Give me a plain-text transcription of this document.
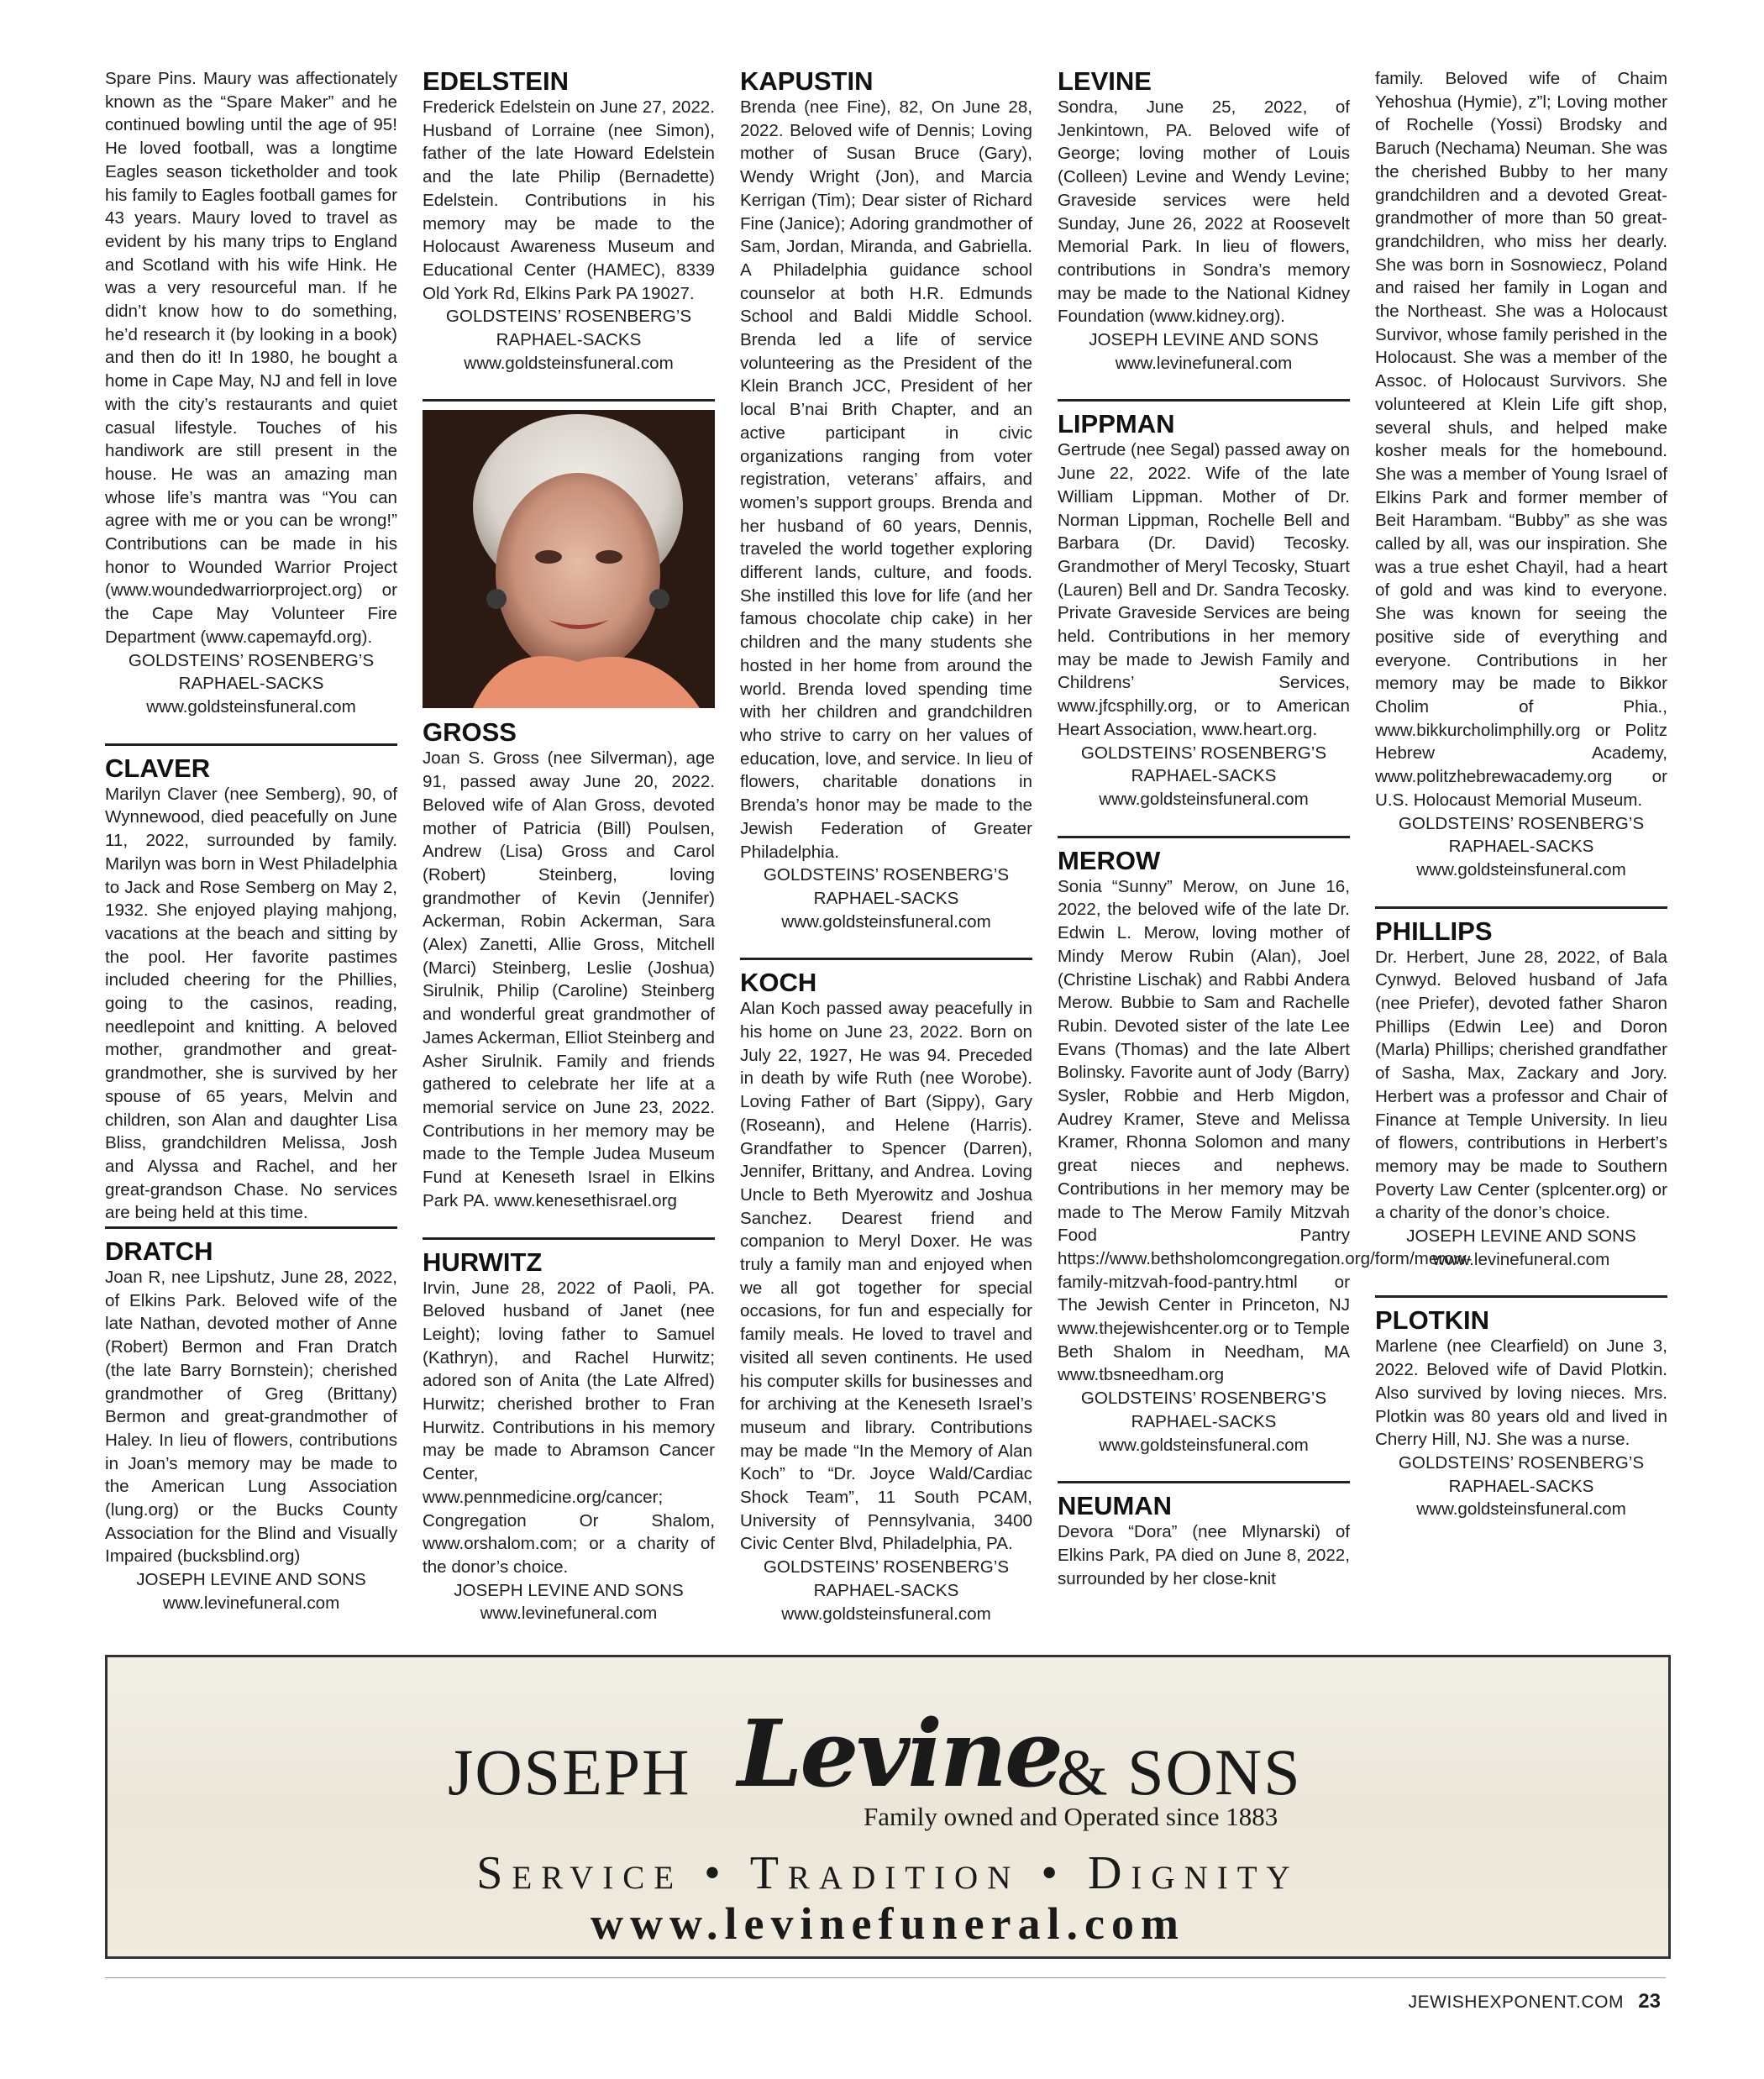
Spare Pins. Maury was affectionately known as the “Spare Maker” and he continued bowling until the age of 95! He loved football, was a longtime Eagles season ticketholder and took his family to Eagles football games for 43 years. Maury loved to travel as evident by his many trips to England and Scotland with his wife Hink. He was a very resourceful man. If he didn’t know how to do something, he’d research it (by looking in a book) and then do it! In 1980, he bought a home in Cape May, NJ and fell in love with the city’s restaurants and quiet casual lifestyle. Touches of his handiwork are still present in the house. He was an amazing man whose life’s mantra was “You can agree with me or you can be wrong!” Contributions can be made in his honor to Wounded Warrior Project (www.woundedwarriorproject.org) or the Cape May Volunteer Fire Department (www.capemayfd.org).

GOLDSTEINS’ ROSENBERG’S
RAPHAEL-SACKS
www.goldsteinsfuneral.com

CLAVER

Marilyn Claver (nee Semberg), 90, of Wynnewood, died peacefully on June 11, 2022, surrounded by family. Marilyn was born in West Philadelphia to Jack and Rose Semberg on May 2, 1932. She enjoyed playing mahjong, vacations at the beach and sitting by the pool. Her favorite pastimes included cheering for the Phillies, going to the casinos, reading, needlepoint and knitting. A beloved mother, grandmother and great-grandmother, she is survived by her spouse of 65 years, Melvin and children, son Alan and daughter Lisa Bliss, grandchildren Melissa, Josh and Alyssa and Rachel, and her great-grandson Chase. No services are being held at this time.

DRATCH

Joan R, nee Lipshutz, June 28, 2022, of Elkins Park. Beloved wife of the late Nathan, devoted mother of Anne (Robert) Bermon and Fran Dratch (the late Barry Bornstein); cherished grandmother of Greg (Brittany) Bermon and great-grandmother of Haley. In lieu of flowers, contributions in Joan’s memory may be made to the American Lung Association (lung.org) or the Bucks County Association for the Blind and Visually Impaired (bucksblind.org)

JOSEPH LEVINE AND SONS
www.levinefuneral.com

EDELSTEIN

Frederick Edelstein on June 27, 2022. Husband of Lorraine (nee Simon), father of the late Howard Edelstein and the late Philip (Bernadette) Edelstein. Contributions in his memory may be made to the Holocaust Awareness Museum and Educational Center (HAMEC), 8339 Old York Rd, Elkins Park PA 19027.

GOLDSTEINS’ ROSENBERG’S
RAPHAEL-SACKS
www.goldsteinsfuneral.com

GROSS

Joan S. Gross (nee Silverman), age 91, passed away June 20, 2022. Beloved wife of Alan Gross, devoted mother of Patricia (Bill) Poulsen, Andrew (Lisa) Gross and Carol (Robert) Steinberg, loving grandmother of Kevin (Jennifer) Ackerman, Robin Ackerman, Sara (Alex) Zanetti, Allie Gross, Mitchell (Marci) Steinberg, Leslie (Joshua) Sirulnik, Philip (Caroline) Steinberg and wonderful great grandmother of James Ackerman, Elliot Steinberg and Asher Sirulnik. Family and friends gathered to celebrate her life at a memorial service on June 23, 2022. Contributions in her memory may be made to the Temple Judea Museum Fund at Keneseth Israel in Elkins Park PA. www.kenesethisrael.org

HURWITZ

Irvin, June 28, 2022 of Paoli, PA. Beloved husband of Janet (nee Leight); loving father to Samuel (Kathryn), and Rachel Hurwitz; adored son of Anita (the Late Alfred) Hurwitz; cherished brother to Fran Hurwitz. Contributions in his memory may be made to Abramson Cancer Center, www.pennmedicine.org/cancer; Congregation Or Shalom, www.orshalom.com; or a charity of the donor’s choice.

JOSEPH LEVINE AND SONS
www.levinefuneral.com

KAPUSTIN

Brenda (nee Fine), 82, On June 28, 2022. Beloved wife of Dennis; Loving mother of Susan Bruce (Gary), Wendy Wright (Jon), and Marcia Kerrigan (Tim); Dear sister of Richard Fine (Janice); Adoring grandmother of Sam, Jordan, Miranda, and Gabriella. A Philadelphia guidance school counselor at both H.R. Edmunds School and Baldi Middle School. Brenda led a life of service volunteering as the President of the Klein Branch JCC, President of her local B’nai Brith Chapter, and an active participant in civic organizations ranging from voter registration, veterans’ affairs, and women’s support groups. Brenda and her husband of 60 years, Dennis, traveled the world together exploring different lands, culture, and foods. She instilled this love for life (and her famous chocolate chip cake) in her children and the many students she hosted in her home from around the world. Brenda loved spending time with her children and grandchildren who strive to carry on her values of education, love, and service. In lieu of flowers, charitable donations in Brenda’s honor may be made to the Jewish Federation of Greater Philadelphia.

GOLDSTEINS’ ROSENBERG’S
RAPHAEL-SACKS
www.goldsteinsfuneral.com

KOCH

Alan Koch passed away peacefully in his home on June 23, 2022. Born on July 22, 1927, He was 94. Preceded in death by wife Ruth (nee Worobe). Loving Father of Bart (Sippy), Gary (Roseann), and Helene (Harris). Grandfather to Spencer (Darren), Jennifer, Brittany, and Andrea. Loving Uncle to Beth Myerowitz and Joshua Sanchez. Dearest friend and companion to Meryl Doxer. He was truly a family man and enjoyed when we all got together for special occasions, for fun and especially for family meals. He loved to travel and visited all seven continents. He used his computer skills for businesses and for archiving at the Keneseth Israel’s museum and library. Contributions may be made “In the Memory of Alan Koch” to “Dr. Joyce Wald/Cardiac Shock Team”, 11 South PCAM, University of Pennsylvania, 3400 Civic Center Blvd, Philadelphia, PA.

GOLDSTEINS’ ROSENBERG’S
RAPHAEL-SACKS
www.goldsteinsfuneral.com

LEVINE

Sondra, June 25, 2022, of Jenkintown, PA. Beloved wife of George; loving mother of Louis (Colleen) Levine and Wendy Levine; Graveside services were held Sunday, June 26, 2022 at Roosevelt Memorial Park. In lieu of flowers, contributions in Sondra’s memory may be made to the National Kidney Foundation (www.kidney.org).

JOSEPH LEVINE AND SONS
www.levinefuneral.com

LIPPMAN

Gertrude (nee Segal) passed away on June 22, 2022. Wife of the late William Lippman. Mother of Dr. Norman Lippman, Rochelle Bell and Barbara (Dr. David) Tecosky. Grandmother of Meryl Tecosky, Stuart (Lauren) Bell and Dr. Sandra Tecosky. Private Graveside Services are being held. Contributions in her memory may be made to Jewish Family and Childrens’ Services, www.jfcsphilly.org, or to American Heart Association, www.heart.org.

GOLDSTEINS’ ROSENBERG’S
RAPHAEL-SACKS
www.goldsteinsfuneral.com

MEROW

Sonia “Sunny” Merow, on June 16, 2022, the beloved wife of the late Dr. Edwin L. Merow, loving mother of Mindy Merow Rubin (Alan), Joel (Christine Lischak) and Rabbi Andera Merow. Bubbie to Sam and Rachelle Rubin. Devoted sister of the late Lee Evans (Thomas) and the late Albert Bolinsky. Favorite aunt of Jody (Barry) Sysler, Robbie and Herb Migdon, Audrey Kramer, Steve and Melissa Kramer, Rhonna Solomon and many great nieces and nephews. Contributions in her memory may be made to The Merow Family Mitzvah Food Pantry https://www.bethsholomcongregation.org/form/merow-family-mitzvah-food-pantry.html or The Jewish Center in Princeton, NJ www.thejewishcenter.org or to Temple Beth Shalom in Needham, MA www.tbsneedham.org

GOLDSTEINS’ ROSENBERG’S
RAPHAEL-SACKS
www.goldsteinsfuneral.com

NEUMAN

Devora “Dora” (nee Mlynarski) of Elkins Park, PA died on June 8, 2022, surrounded by her close-knit

family. Beloved wife of Chaim Yehoshua (Hymie), z”l; Loving mother of Rochelle (Yossi) Brodsky and Baruch (Nechama) Neuman. She was the cherished Bubby to her many grandchildren and a devoted Great-grandmother of more than 50 great-grandchildren, who miss her dearly. She was born in Sosnowiecz, Poland and raised her family in Logan and the Northeast. She was a Holocaust Survivor, whose family perished in the Holocaust. She was a member of the Assoc. of Holocaust Survivors. She volunteered at Klein Life gift shop, several shuls, and helped make kosher meals for the homebound. She was a member of Young Israel of Elkins Park and former member of Beit Harambam. “Bubby” as she was called by all, was our inspiration. She was a true eshet Chayil, had a heart of gold and was kind to everyone. She was known for seeing the positive side of everything and everyone. Contributions in her memory may be made to Bikkor Cholim of Phia., www.bikkurcholimphilly.org or Politz Hebrew Academy, www.politzhebrewacademy.org or U.S. Holocaust Memorial Museum.

GOLDSTEINS’ ROSENBERG’S
RAPHAEL-SACKS
www.goldsteinsfuneral.com

PHILLIPS

Dr. Herbert, June 28, 2022, of Bala Cynwyd. Beloved husband of Jafa (nee Priefer), devoted father Sharon Phillips (Edwin Lee) and Doron (Marla) Phillips; cherished grandfather of Sasha, Max, Zackary and Jory. Herbert was a professor and Chair of Finance at Temple University. In lieu of flowers, contributions in Herbert’s memory may be made to Southern Poverty Law Center (splcenter.org) or a charity of the donor’s choice.

JOSEPH LEVINE AND SONS
www.levinefuneral.com

PLOTKIN

Marlene (nee Clearfield) on June 3, 2022. Beloved wife of David Plotkin. Also survived by loving nieces. Mrs. Plotkin was 80 years old and lived in Cherry Hill, NJ. She was a nurse.

GOLDSTEINS’ ROSENBERG’S
RAPHAEL-SACKS
www.goldsteinsfuneral.com

JOSEPH Levine
& SONS
Family owned and Operated since 1883
Service • Tradition • Dignity
www.levinefuneral.com
JEWISHEXPONENT.COM 23
